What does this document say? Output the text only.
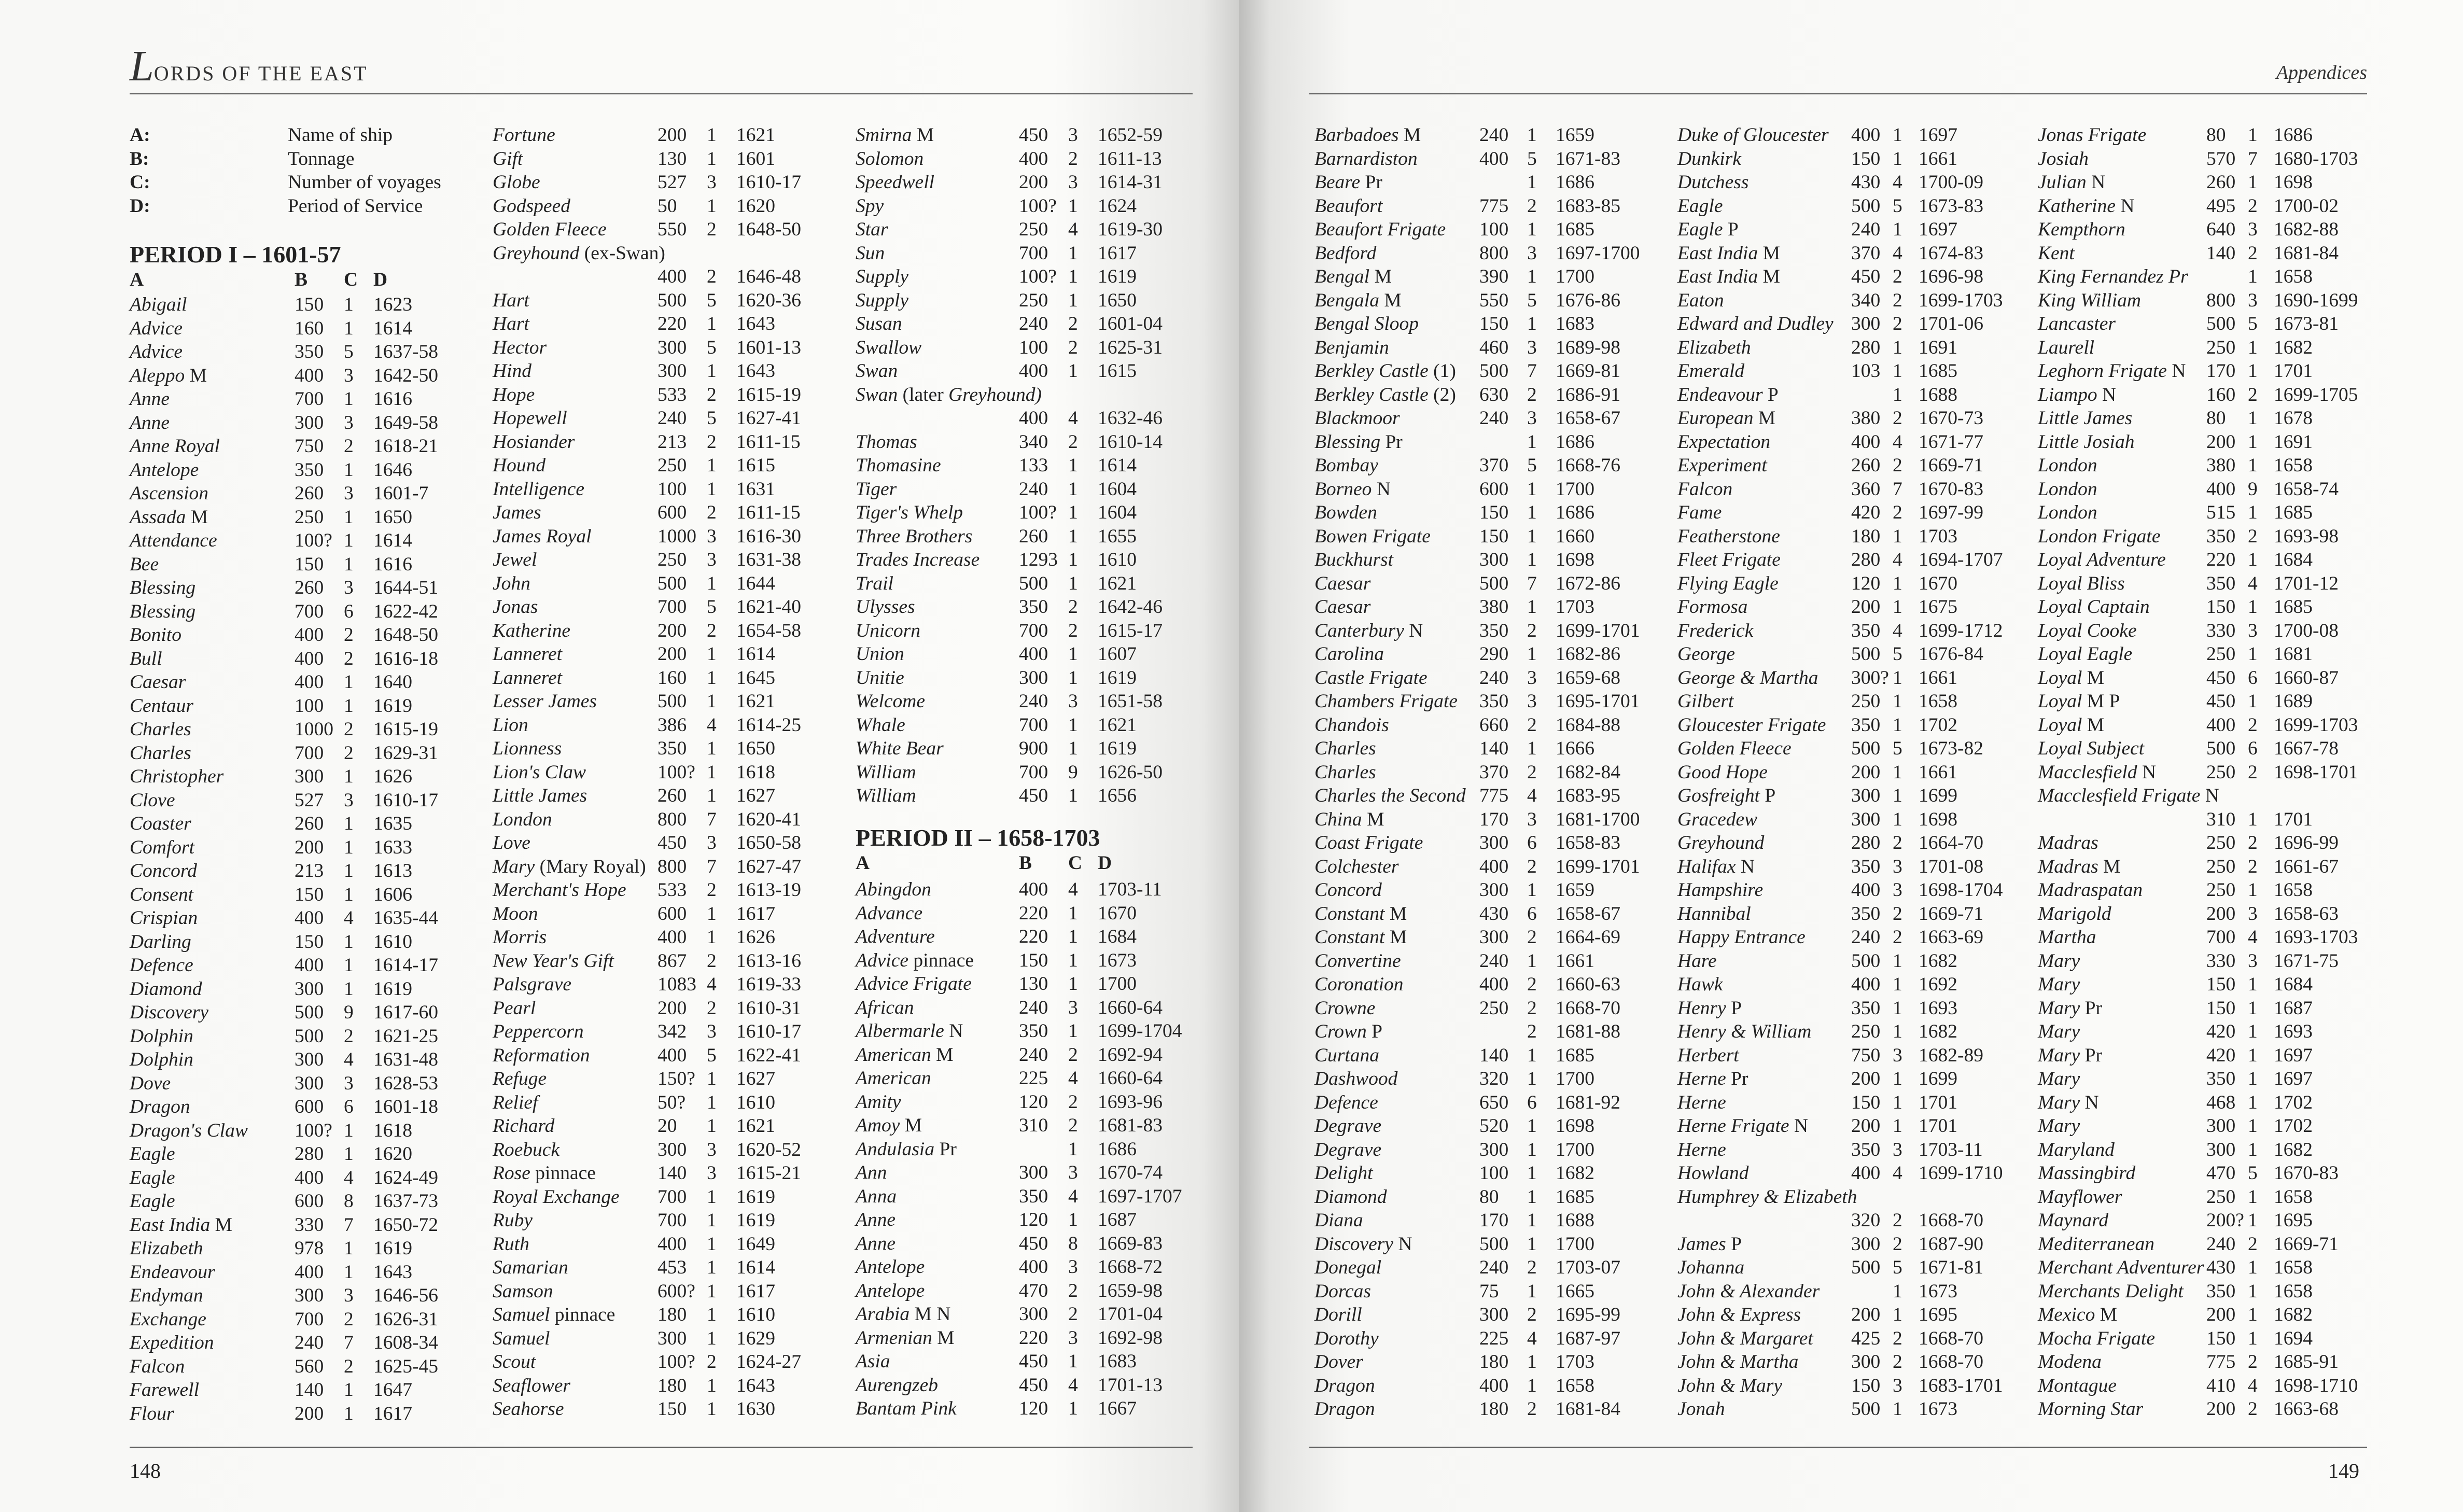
LORDS OF THE EAST
A:	Name of ship
B:	Tonnage
C:	Number of voyages
D:	Period of Service
PERIOD I – 1601-57
A	B C D
Abigail	150 1 1623
Advice	160 1 1614
Advice	350 5 1637-58
Aleppo M	400 3 1642-50
Anne	700 1 1616
Anne	300 3 1649-58
Anne Royal	750 2 1618-21
Antelope	350 1 1646
Ascension	260 3 1601-7
Assada M	250 1 1650
Attendance	100? 1 1614
Bee	150 1 1616
Blessing	260 3 1644-51
Blessing	700 6 1622-42
Bonito	400 2 1648-50
Bull	400 2 1616-18
Caesar	400 1 1640
Centaur	100 1 1619
Charles	1000 2 1615-19
Charles	700 2 1629-31
Christopher	300 1 1626
Clove	527 3 1610-17
Coaster	260 1 1635
Comfort	200 1 1633
Concord	213 1 1613
Consent	150 1 1606
Crispian	400 4 1635-44
Darling	150 1 1610
Defence	400 1 1614-17
Diamond	300 1 1619
Discovery	500 9 1617-60
Dolphin	500 2 1621-25
Dolphin	300 4 1631-48
Dove	300 3 1628-53
Dragon	600 6 1601-18
Dragon's Claw 100? 1 1618
Eagle	280 1 1620
Eagle	400 4 1624-49
Eagle	600 8 1637-73
East India M	330 7 1650-72
Elizabeth	978 1 1619
Endeavour	400 1 1643
Endyman	300 3 1646-56
Exchange	700 2 1626-31
Expedition	240 7 1608-34
Falcon	560 2 1625-45
Farewell	140 1 1647
Flour	200 1 1617
Fortune	200 1 1621
Gift	130 1 1601
Globe	527 3 1610-17
Godspeed	50 1 1620
Golden Fleece	550 2 1648-50
Greyhound (ex-Swan)
400 2 1646-48
Hart	500 5 1620-36
Hart	220 1 1643
Hector	300 5 1601-13
Hind	300 1 1643
Hope	533 2 1615-19
Hopewell	240 5 1627-41
Hosiander	213 2 1611-15
Hound	250 1 1615
Intelligence	100 1 1631
James	600 2 1611-15
James Royal	1000 3 1616-30
Jewel	250 3 1631-38
John	500 1 1644
Jonas	700 5 1621-40
Katherine	200 2 1654-58
Lanneret	200 1 1614
Lanneret	160 1 1645
Lesser James	500 1 1621
Lion	386 4 1614-25
Lionness	350 1 1650
Lion's Claw	100? 1 1618
Little James	260 1 1627
London	800 7 1620-41
Love	450 3 1650-58
Mary (Mary Royal) 800 7 1627-47
Merchant's Hope 533 2 1613-19
Moon	600 1 1617
Morris	400 1 1626
New Year's Gift 867 2 1613-16
Palsgrave	1083 4 1619-33
Pearl	200 2 1610-31
Peppercorn	342 3 1610-17
Reformation	400 5 1622-41
Refuge	150? 1 1627
Relief	50? 1 1610
Richard	20 1 1621
Roebuck	300 3 1620-52
Rose pinnace	140 3 1615-21
Royal Exchange 700 1 1619
Ruby	700 1 1619
Ruth	400 1 1649
Samarian	453 1 1614
Samson	600? 1 1617
Samuel pinnace 180 1 1610
Samuel	300 1 1629
Scout	100? 2 1624-27
Seaflower	180 1 1643
Seahorse	150 1 1630
Smirna M	450 3 1652-59
Solomon	400 2 1611-13
Speedwell	200 3 1614-31
Spy	100? 1 1624
Star	250 4 1619-30
Sun	700 1 1617
Supply	100? 1 1619
Supply	250 1 1650
Susan	240 2 1601-04
Swallow	100 2 1625-31
Swan	400 1 1615
Swan (later Greyhound)
400 4 1632-46
Thomas	340 2 1610-14
Thomasine	133 1 1614
Tiger	240 1 1604
Tiger's Whelp	100? 1 1604
Three Brothers 260 1 1655
Trades Increase 1293 1 1610
Trail	500 1 1621
Ulysses	350 2 1642-46
Unicorn	700 2 1615-17
Union	400 1 1607
Unitie	300 1 1619
Welcome	240 3 1651-58
Whale	700 1 1621
White Bear	900 1 1619
William	700 9 1626-50
William	450 1 1656
PERIOD II – 1658-1703
A	B C D
Abingdon	400 4 1703-11
Advance	220 1 1670
Adventure	220 1 1684
Advice pinnace 150 1 1673
Advice Frigate 130 1 1700
African	240 3 1660-64
Albermarle N	350 1 1699-1704
American M	240 2 1692-94
American	225 4 1660-64
Amity	120 2 1693-96
Amoy M	310 2 1681-83
Andulasia Pr	1 1686
Ann	300 3 1670-74
Anna	350 4 1697-1707
Anne	120 1 1687
Anne	450 8 1669-83
Antelope	400 3 1668-72
Antelope	470 2 1659-98
Arabia M N	300 2 1701-04
Armenian M	220 3 1692-98
Asia	450 1 1683
Aurengzeb	450 4 1701-13
Bantam Pink	120 1 1667
148
Appendices
Barbadoes M	240 1 1659
Barnardiston	400 5 1671-83
Beare Pr	1 1686
Beaufort	775 2 1683-85
Beaufort Frigate 100 1 1685
Bedford	800 3 1697-1700
Bengal M	390 1 1700
Bengala M	550 5 1676-86
Bengal Sloop	150 1 1683
Benjamin	460 3 1689-98
Berkley Castle (1) 500 7 1669-81
Berkley Castle (2) 630 2 1686-91
Blackmoor	240 3 1658-67
Blessing Pr	1 1686
Bombay	370 5 1668-76
Borneo N	600 1 1700
Bowden	150 1 1686
Bowen Frigate	150 1 1660
Buckhurst	300 1 1698
Caesar	500 7 1672-86
Caesar	380 1 1703
Canterbury N	350 2 1699-1701
Carolina	290 1 1682-86
Castle Frigate	240 3 1659-68
Chambers Frigate 350 3 1695-1701
Chandois	660 2 1684-88
Charles	140 1 1666
Charles	370 2 1682-84
Charles the Second 775 4 1683-95
China M	170 3 1681-1700
Coast Frigate	300 6 1658-83
Colchester	400 2 1699-1701
Concord	300 1 1659
Constant M	430 6 1658-67
Constant M	300 2 1664-69
Convertine	240 1 1661
Coronation	400 2 1660-63
Crowne	250 2 1668-70
Crown P	2 1681-88
Curtana	140 1 1685
Dashwood	320 1 1700
Defence	650 6 1681-92
Degrave	520 1 1698
Degrave	300 1 1700
Delight	100 1 1682
Diamond	80 1 1685
Diana	170 1 1688
Discovery N	500 1 1700
Donegal	240 2 1703-07
Dorcas	75 1 1665
Dorill	300 2 1695-99
Dorothy	225 4 1687-97
Dover	180 1 1703
Dragon	400 1 1658
Dragon	180 2 1681-84
Duke of Gloucester 400 1 1697
Dunkirk	150 1 1661
Dutchess	430 4 1700-09
Eagle	500 5 1673-83
Eagle P	240 1 1697
East India M	370 4 1674-83
East India M	450 2 1696-98
Eaton	340 2 1699-1703
Edward and Dudley 300 2 1701-06
Elizabeth	280 1 1691
Emerald	103 1 1685
Endeavour P	1 1688
European M	380 2 1670-73
Expectation	400 4 1671-77
Experiment	260 2 1669-71
Falcon	360 7 1670-83
Fame	420 2 1697-99
Featherstone	180 1 1703
Fleet Frigate	280 4 1694-1707
Flying Eagle	120 1 1670
Formosa	200 1 1675
Frederick	350 4 1699-1712
George	500 5 1676-84
George & Martha 300? 1 1661
Gilbert	250 1 1658
Gloucester Frigate 350 1 1702
Golden Fleece	500 5 1673-82
Good Hope	200 1 1661
Gosfreight P	300 1 1699
Gracedew	300 1 1698
Greyhound	280 2 1664-70
Halifax N	350 3 1701-08
Hampshire	400 3 1698-1704
Hannibal	350 2 1669-71
Happy Entrance 240 2 1663-69
Hare	500 1 1682
Hawk	400 1 1692
Henry P	350 1 1693
Henry & William 250 1 1682
Herbert	750 3 1682-89
Herne Pr	200 1 1699
Herne	150 1 1701
Herne Frigate N 200 1 1701
Herne	350 3 1703-11
Howland	400 4 1699-1710
Humphrey & Elizabeth
320 2 1668-70
James P	300 2 1687-90
Johanna	500 5 1671-81
John & Alexander	1 1673
John & Express	200 1 1695
John & Margaret 425 2 1668-70
John & Martha	300 2 1668-70
John & Mary	150 3 1683-1701
Jonah	500 1 1673
Jonas Frigate	80 1 1686
Josiah	570 7 1680-1703
Julian N	260 1 1698
Katherine N	495 2 1700-02
Kempthorn	640 3 1682-88
Kent	140 2 1681-84
King Fernandez Pr	1 1658
King William	800 3 1690-1699
Lancaster	500 5 1673-81
Laurell	250 1 1682
Leghorn Frigate N 170 1 1701
Liampo N	160 2 1699-1705
Little James	80 1 1678
Little Josiah	200 1 1691
London	380 1 1658
London	400 9 1658-74
London	515 1 1685
London Frigate 350 2 1693-98
Loyal Adventure 220 1 1684
Loyal Bliss	350 4 1701-12
Loyal Captain	150 1 1685
Loyal Cooke	330 3 1700-08
Loyal Eagle	250 1 1681
Loyal M	450 6 1660-87
Loyal M P	450 1 1689
Loyal M	400 2 1699-1703
Loyal Subject	500 6 1667-78
Macclesfield N	250 2 1698-1701
Macclesfield Frigate N
310 1 1701
Madras	250 2 1696-99
Madras M	250 2 1661-67
Madraspatan	250 1 1658
Marigold	200 3 1658-63
Martha	700 4 1693-1703
Mary	330 3 1671-75
Mary	150 1 1684
Mary Pr	150 1 1687
Mary	420 1 1693
Mary Pr	420 1 1697
Mary	350 1 1697
Mary N	468 1 1702
Mary	300 1 1702
Maryland	300 1 1682
Massingbird	470 5 1670-83
Mayflower	250 1 1658
Maynard	200? 1 1695
Mediterranean	240 2 1669-71
Merchant Adventurer 430 1 1658
Merchants Delight 350 1 1658
Mexico M	200 1 1682
Mocha Frigate	150 1 1694
Modena	775 2 1685-91
Montague	410 4 1698-1710
Morning Star	200 2 1663-68
149
